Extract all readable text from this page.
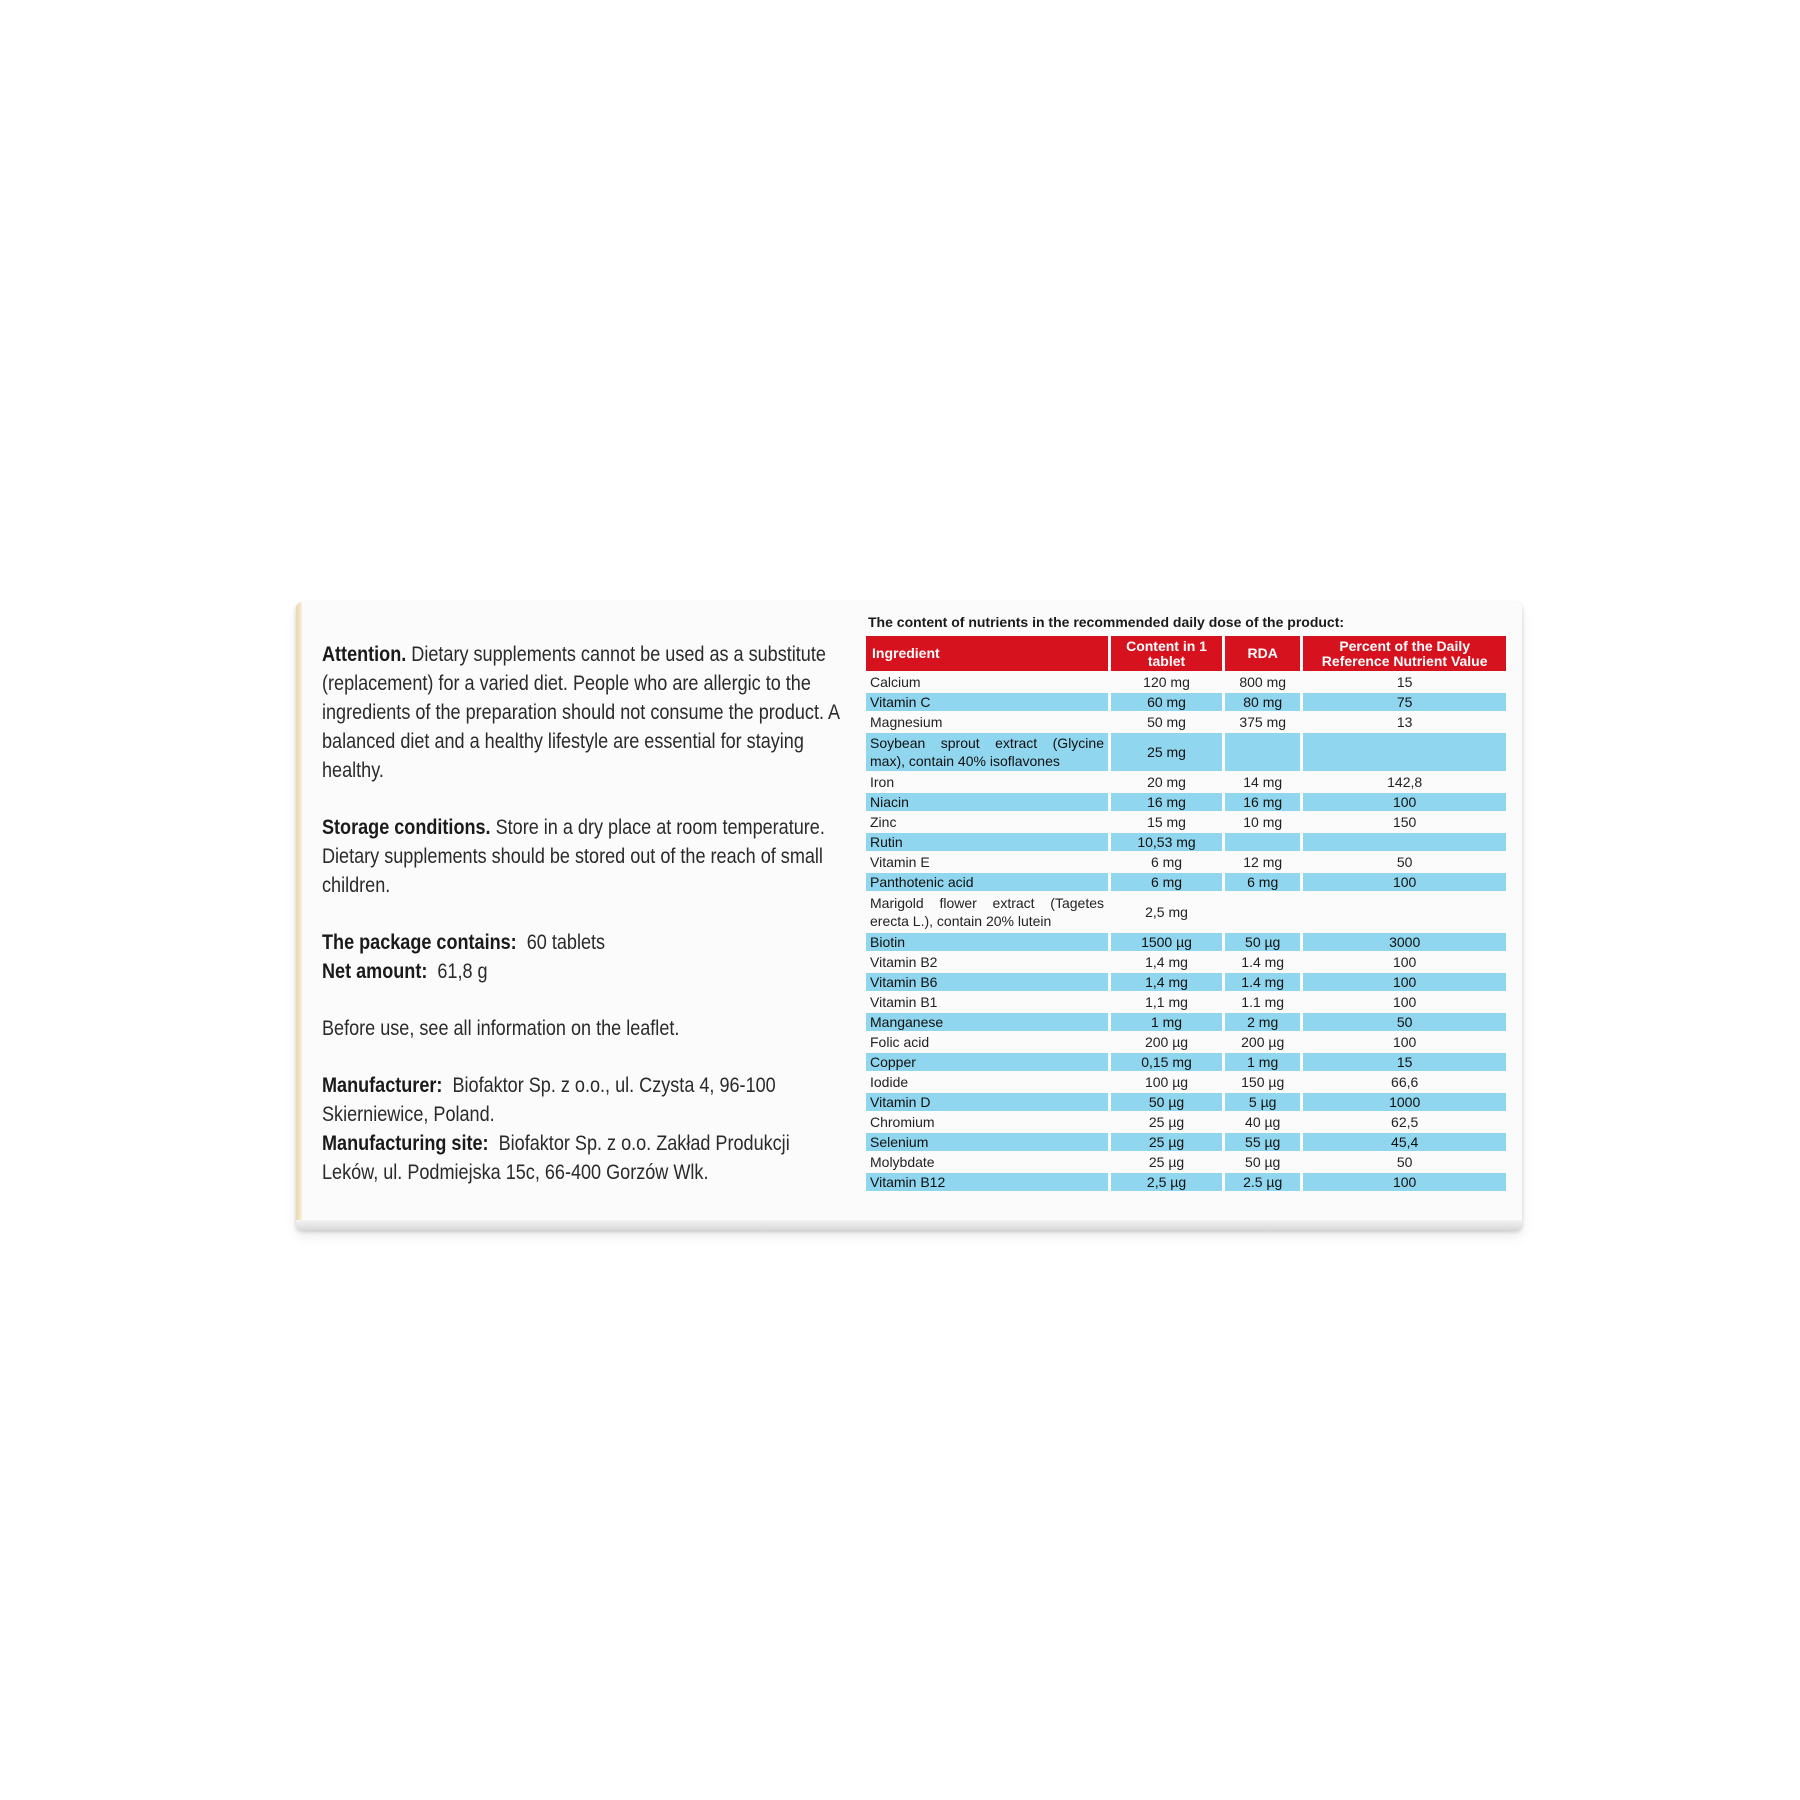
Attention. Dietary supplements cannot be used as a substitute (replacement) for a varied diet. People who are allergic to the ingredients of the preparation should not consume the product. A balanced diet and a healthy lifestyle are essential for staying healthy.

Storage conditions. Store in a dry place at room temperature. Dietary supplements should be stored out of the reach of small children.

The package contains: 60 tablets

Net amount: 61,8 g

Before use, see all information on the leaflet.

Manufacturer: Biofaktor Sp. z o.o., ul. Czysta 4, 96-100 Skierniewice, Poland.

Manufacturing site: Biofaktor Sp. z o.o. Zakład Produkcji Leków, ul. Podmiejska 15c, 66-400 Gorzów Wlk.

The content of nutrients in the recommended daily dose of the product:
Ingredient	Content in 1 tablet	RDA	Percent of the Daily Reference Nutrient Value
Calcium	120 mg	800 mg	15
Vitamin C	60 mg	80 mg	75
Magnesium	50 mg	375 mg	13
Soybean sprout extract (Glycine max), contain 40% isoflavones	25 mg		
Iron	20 mg	14 mg	142,8
Niacin	16 mg	16 mg	100
Zinc	15 mg	10 mg	150
Rutin	10,53 mg		
Vitamin E	6 mg	12 mg	50
Panthotenic acid	6 mg	6 mg	100
Marigold flower extract (Tagetes erecta L.), contain 20% lutein	2,5 mg		
Biotin	1500 µg	50 µg	3000
Vitamin B2	1,4 mg	1.4 mg	100
Vitamin B6	1,4 mg	1.4 mg	100
Vitamin B1	1,1 mg	1.1 mg	100
Manganese	1 mg	2 mg	50
Folic acid	200 µg	200 µg	100
Copper	0,15 mg	1 mg	15
Iodide	100 µg	150 µg	66,6
Vitamin D	50 µg	5 µg	1000
Chromium	25 µg	40 µg	62,5
Selenium	25 µg	55 µg	45,4
Molybdate	25 µg	50 µg	50
Vitamin B12	2,5 µg	2.5 µg	100
